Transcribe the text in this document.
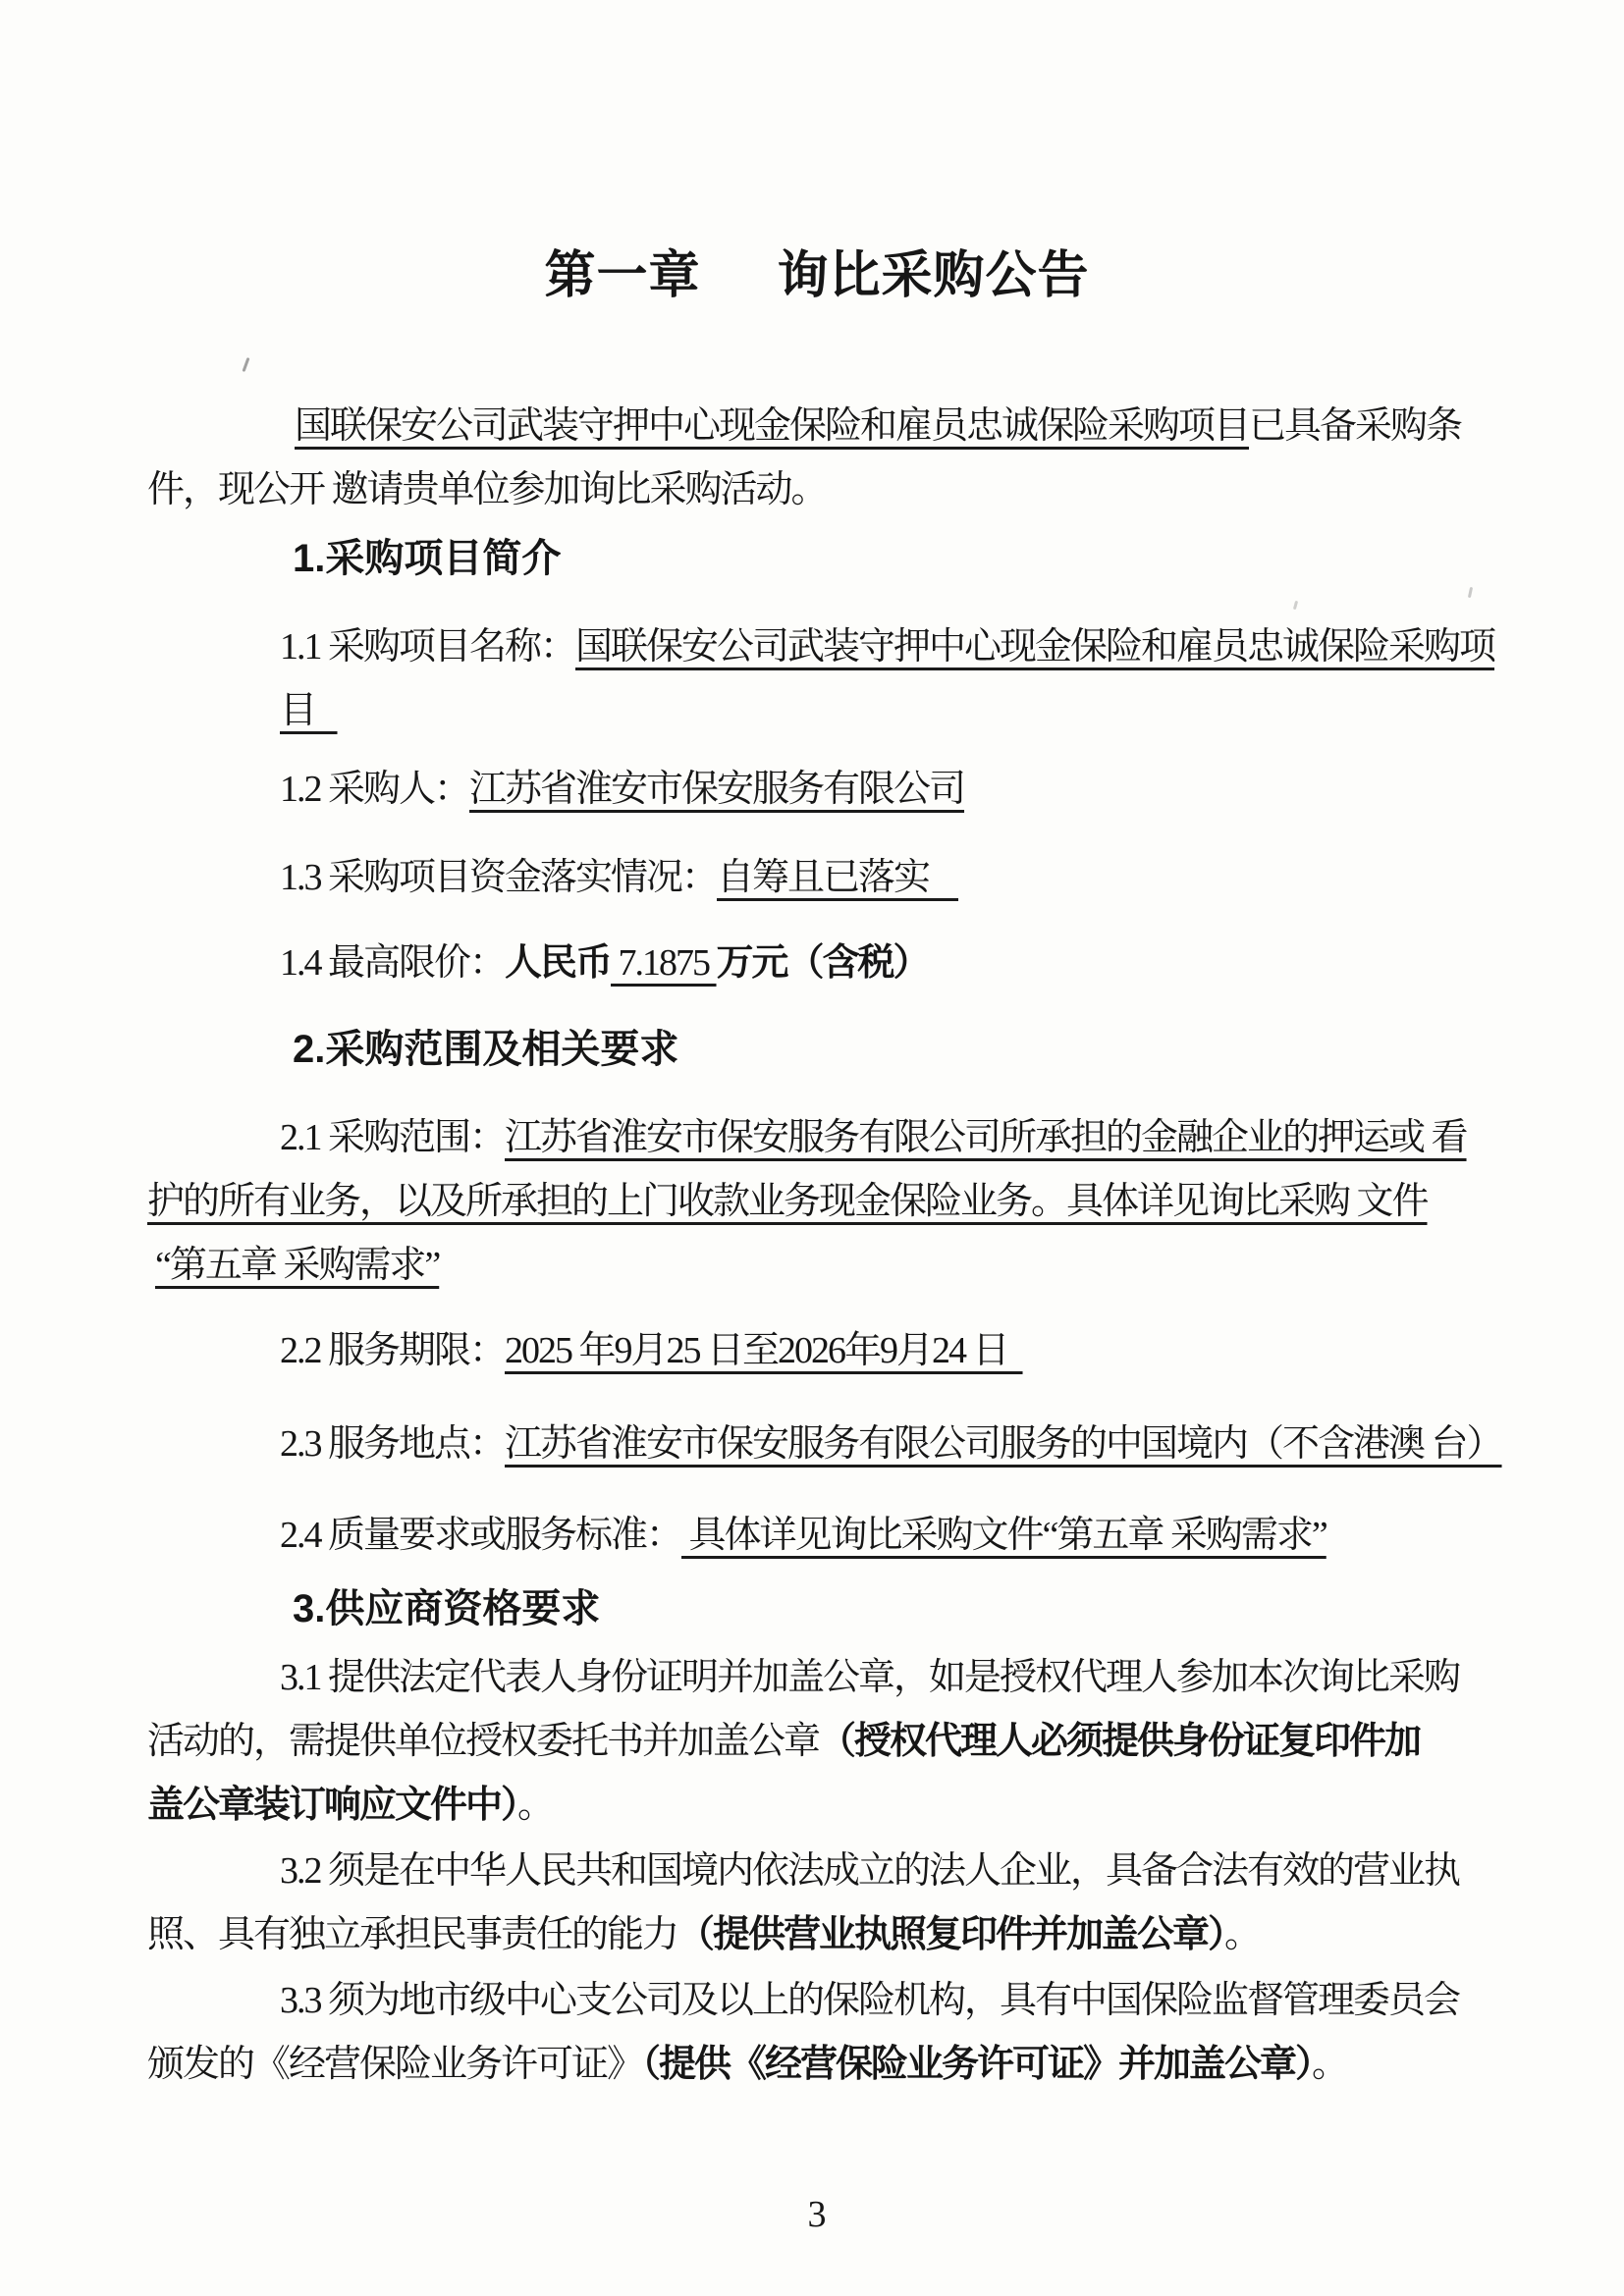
第一章 询比采购公告
国联保安公司武装守押中心现金保险和雇员忠诚保险采购项目已具备采购条
件，现公开 邀请贵单位参加询比采购活动。
1.采购项目简介
1.1 采购项目名称：国联保安公司武装守押中心现金保险和雇员忠诚保险采购项
目
1.2 采购人：江苏省淮安市保安服务有限公司
1.3 采购项目资金落实情况：自筹且已落实
1.4 最高限价：人民币 7.1875 万元（含税）
2.采购范围及相关要求
2.1 采购范围：江苏省淮安市保安服务有限公司所承担的金融企业的押运或 看
护的所有业务，以及所承担的上门收款业务现金保险业务。具体详见询比采购 文件
“第五章 采购需求”
2.2 服务期限：2025 年9月25 日至2026年9月24 日
2.3 服务地点：江苏省淮安市保安服务有限公司服务的中国境内（不含港澳 台）
2.4 质量要求或服务标准： 具体详见询比采购文件“第五章 采购需求”
3.供应商资格要求
3.1 提供法定代表人身份证明并加盖公章，如是授权代理人参加本次询比采购
活动的，需提供单位授权委托书并加盖公章（授权代理人必须提供身份证复印件加
盖公章装订响应文件中）。
3.2 须是在中华人民共和国境内依法成立的法人企业，具备合法有效的营业执
照、具有独立承担民事责任的能力（提供营业执照复印件并加盖公章）。
3.3 须为地市级中心支公司及以上的保险机构，具有中国保险监督管理委员会
颁发的《经营保险业务许可证》（提供《经营保险业务许可证》并加盖公章）。
3
